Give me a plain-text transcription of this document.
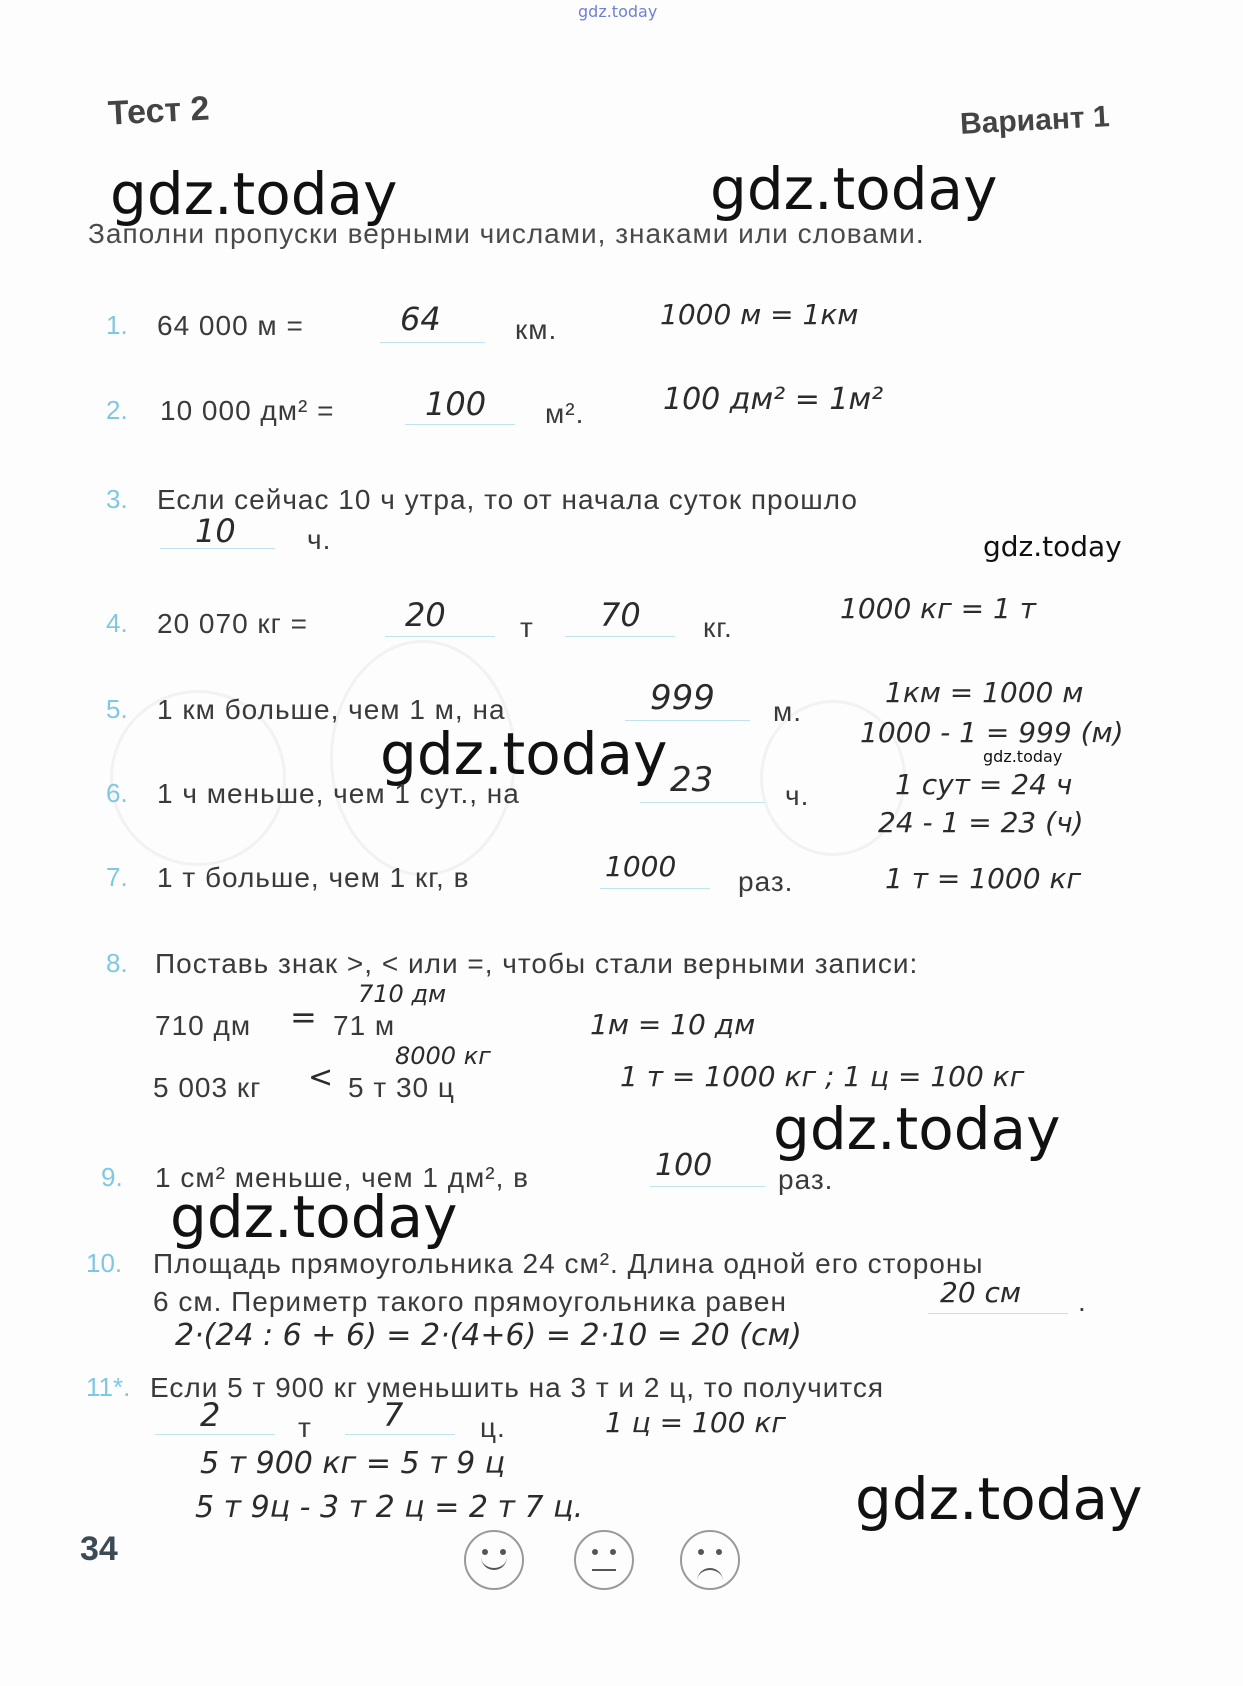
gdz.today
Тест 2	Вариант 1
gdz.today	gdz.today
gdz.today
gdz.today	gdz.today
gdz.today
gdz.today
gdz.today
Заполни пропуски верными числами, знаками или словами.
1. 64 000 м =	64	км.	1000 м = 1км
2. 10 000 дм² =	100 м².	100 дм² = 1м²
3. Если сейчас 10 ч утра, то от начала суток прошло
10	ч.
4. 20 070 кг =	20	т 70 кг.
1000 кг = 1 т
5. 1 км больше, чем 1 м, на	999 м.
1км = 1000 м
1000 - 1 = 999 (м)
6. 1 ч меньше, чем 1 сут., на	23	ч.	1 сут = 24 ч
24 - 1 = 23 (ч)
7. 1 т больше, чем 1 кг, в	1000 раз.	1 т = 1000 кг
8. Поставь знак >, < или =, чтобы стали верными записи:
710 дм
710 дм = 71 м	1м = 10 дм
8000 кг
5 003 кг < 5 т 30 ц	1 т = 1000 кг ; 1 ц = 100 кг
9. 1 см² меньше, чем 1 дм², в	100 раз.
10. Площадь прямоугольника 24 см². Длина одной его стороны
6 см. Периметр такого прямоугольника равен	20 см .
2·(24 : 6 + 6) = 2·(4+6) = 2·10 = 20 (см)
11*. Если 5 т 900 кг уменьшить на 3 т и 2 ц, то получится
2	т 7	ц.	1 ц = 100 кг
5 т 900 кг = 5 т 9 ц
5 т 9ц - 3 т 2 ц = 2 т 7 ц.
34
